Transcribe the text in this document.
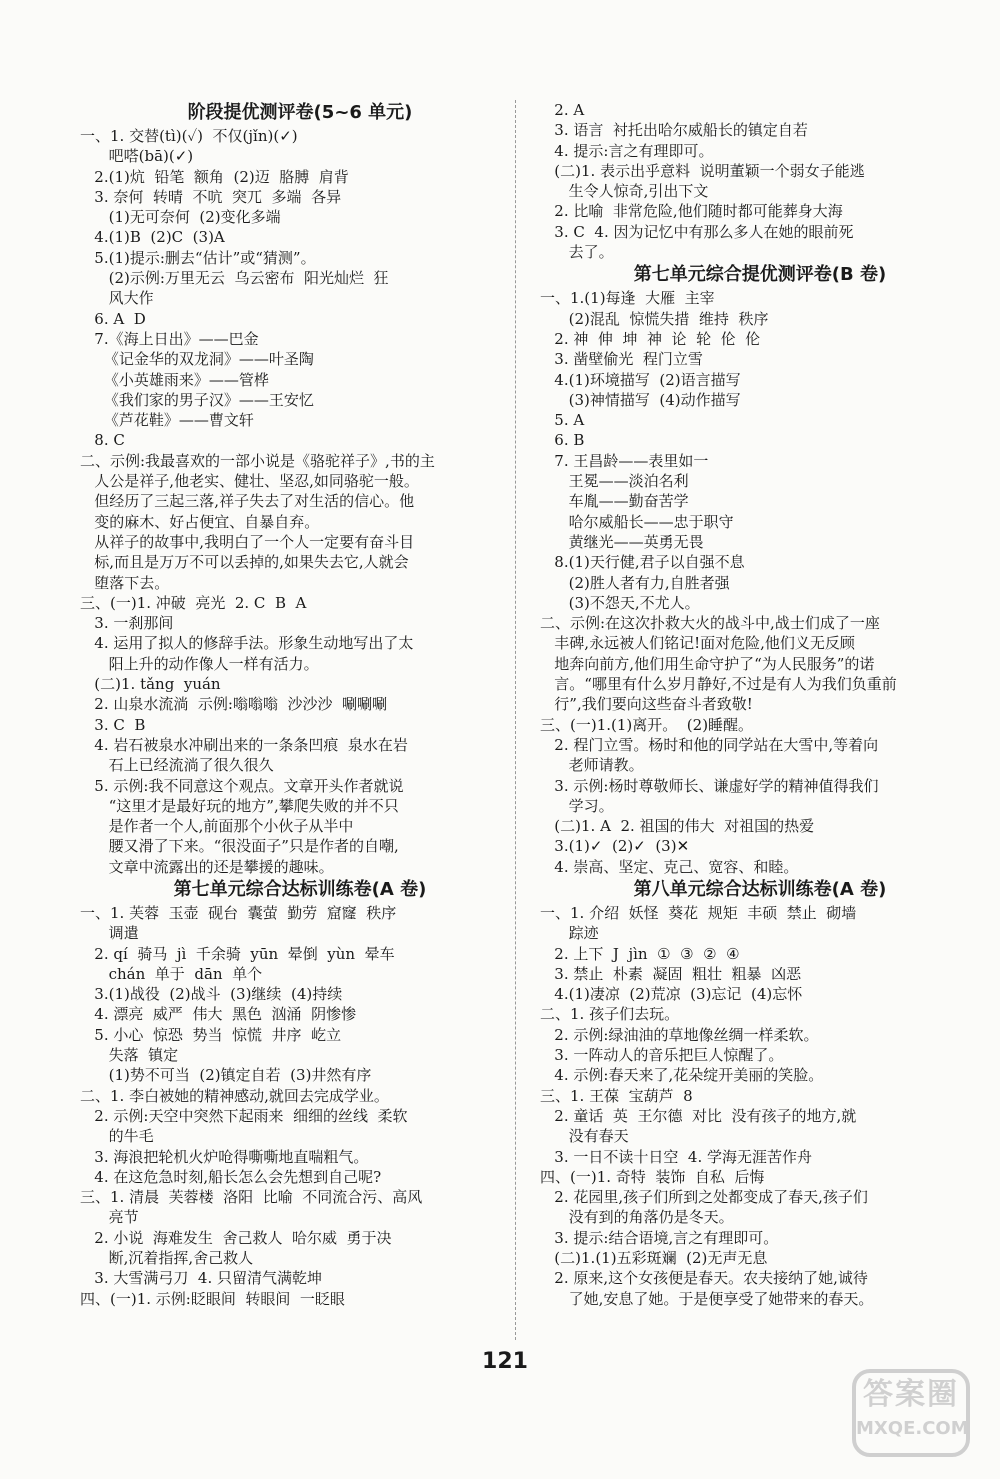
阶段提优测评卷(5~6 单元)
一、1. 交替(tì)(✓)  不仅(jǐn)(✓)
吧嗒(bā)(✓)
2.(1)炕  铅笔  额角  (2)迈  胳膊  肩背
3. 奈何  转晴  不吭  突兀  多端  各异
(1)无可奈何  (2)变化多端
4.(1)B  (2)C  (3)A
5.(1)提示:删去“估计”或“猜测”。
(2)示例:万里无云  乌云密布  阳光灿烂  狂
风大作
6. A  D
7.《海上日出》——巴金
《记金华的双龙洞》——叶圣陶
《小英雄雨来》——管桦
《我们家的男子汉》——王安忆
《芦花鞋》——曹文轩
8. C
二、示例:我最喜欢的一部小说是《骆驼祥子》,书的主
人公是祥子,他老实、健壮、坚忍,如同骆驼一般。
但经历了三起三落,祥子失去了对生活的信心。他
变的麻木、好占便宜、自暴自弃。
从祥子的故事中,我明白了一个人一定要有奋斗目
标,而且是万万不可以丢掉的,如果失去它,人就会
堕落下去。
三、(一)1. 冲破  亮光  2. C  B  A
3. 一刹那间
4. 运用了拟人的修辞手法。形象生动地写出了太
阳上升的动作像人一样有活力。
(二)1. tǎng  yuán
2. 山泉水流淌  示例:嗡嗡嗡  沙沙沙  唰唰唰
3. C  B
4. 岩石被泉水冲刷出来的一条条凹痕  泉水在岩
石上已经流淌了很久很久
5. 示例:我不同意这个观点。文章开头作者就说
“这里才是最好玩的地方”,攀爬失败的并不只
是作者一个人,前面那个小伙子从半中
腰又滑了下来。“很没面子”只是作者的自嘲,
文章中流露出的还是攀援的趣味。
第七单元综合达标训练卷(A 卷)
一、1. 芙蓉  玉壶  砚台  囊萤  勤劳  窟窿  秩序
调遣
2. qí  骑马  jì  千余骑  yūn  晕倒  yùn  晕车
chán  单于  dān  单个
3.(1)战役  (2)战斗  (3)继续  (4)持续
4. 漂亮  威严  伟大  黑色  汹涌  阴惨惨
5. 小心  惊恐  势当  惊慌  井序  屹立
失落  镇定
(1)势不可当  (2)镇定自若  (3)井然有序
二、1. 李白被她的精神感动,就回去完成学业。
2. 示例:天空中突然下起雨来  细细的丝线  柔软
的牛毛
3. 海浪把轮机火炉呛得嘶嘶地直喘粗气。
4. 在这危急时刻,船长怎么会先想到自己呢?
三、1. 清晨  芙蓉楼  洛阳  比喻  不同流合污、高风
亮节
2. 小说  海难发生  舍己救人  哈尔威  勇于决
断,沉着指挥,舍己救人
3. 大雪满弓刀  4. 只留清气满乾坤
四、(一)1. 示例:眨眼间  转眼间  一眨眼
2. A
3. 语言  衬托出哈尔威船长的镇定自若
4. 提示:言之有理即可。
(二)1. 表示出乎意料  说明董颖一个弱女子能逃
生令人惊奇,引出下文
2. 比喻  非常危险,他们随时都可能葬身大海
3. C  4. 因为记忆中有那么多人在她的眼前死
去了。
第七单元综合提优测评卷(B 卷)
一、1.(1)每逢  大雁  主宰
(2)混乱  惊慌失措  维持  秩序
2. 神  伸  坤  神  论  轮  伦  伦
3. 凿壁偷光  程门立雪
4.(1)环境描写  (2)语言描写
(3)神情描写  (4)动作描写
5. A
6. B
7. 王昌龄——表里如一
王冕——淡泊名利
车胤——勤奋苦学
哈尔威船长——忠于职守
黄继光——英勇无畏
8.(1)天行健,君子以自强不息
(2)胜人者有力,自胜者强
(3)不怨天,不尤人。
二、示例:在这次扑救大火的战斗中,战士们成了一座
丰碑,永远被人们铭记!面对危险,他们义无反顾
地奔向前方,他们用生命守护了“为人民服务”的诺
言。“哪里有什么岁月静好,不过是有人为我们负重前
行”,我们要向这些奋斗者致敬!
三、(一)1.(1)离开。  (2)睡醒。
2. 程门立雪。杨时和他的同学站在大雪中,等着向
老师请教。
3. 示例:杨时尊敬师长、谦虚好学的精神值得我们
学习。
(二)1. A  2. 祖国的伟大  对祖国的热爱
3.(1)✓  (2)✓  (3)✕
4. 崇高、坚定、克己、宽容、和睦。
第八单元综合达标训练卷(A 卷)
一、1. 介绍  妖怪  葵花  规矩  丰硕  禁止  砌墙
踪迹
2. 上下  J  jìn  ①  ③  ②  ④
3. 禁止  朴素  凝固  粗壮  粗暴  凶恶
4.(1)凄凉  (2)荒凉  (3)忘记  (4)忘怀
二、1. 孩子们去玩。
2. 示例:绿油油的草地像丝绸一样柔软。
3. 一阵动人的音乐把巨人惊醒了。
4. 示例:春天来了,花朵绽开美丽的笑脸。
三、1. 王葆  宝葫芦  8
2. 童话  英  王尔德  对比  没有孩子的地方,就
没有春天
3. 一日不读十日空  4. 学海无涯苦作舟
四、(一)1. 奇特  装饰  自私  后悔
2. 花园里,孩子们所到之处都变成了春天,孩子们
没有到的角落仍是冬天。
3. 提示:结合语境,言之有理即可。
(二)1.(1)五彩斑斓  (2)无声无息
2. 原来,这个女孩便是春天。农夫接纳了她,诚待
了她,安息了她。于是便享受了她带来的春天。
121
答案圈
MXQE.COM
